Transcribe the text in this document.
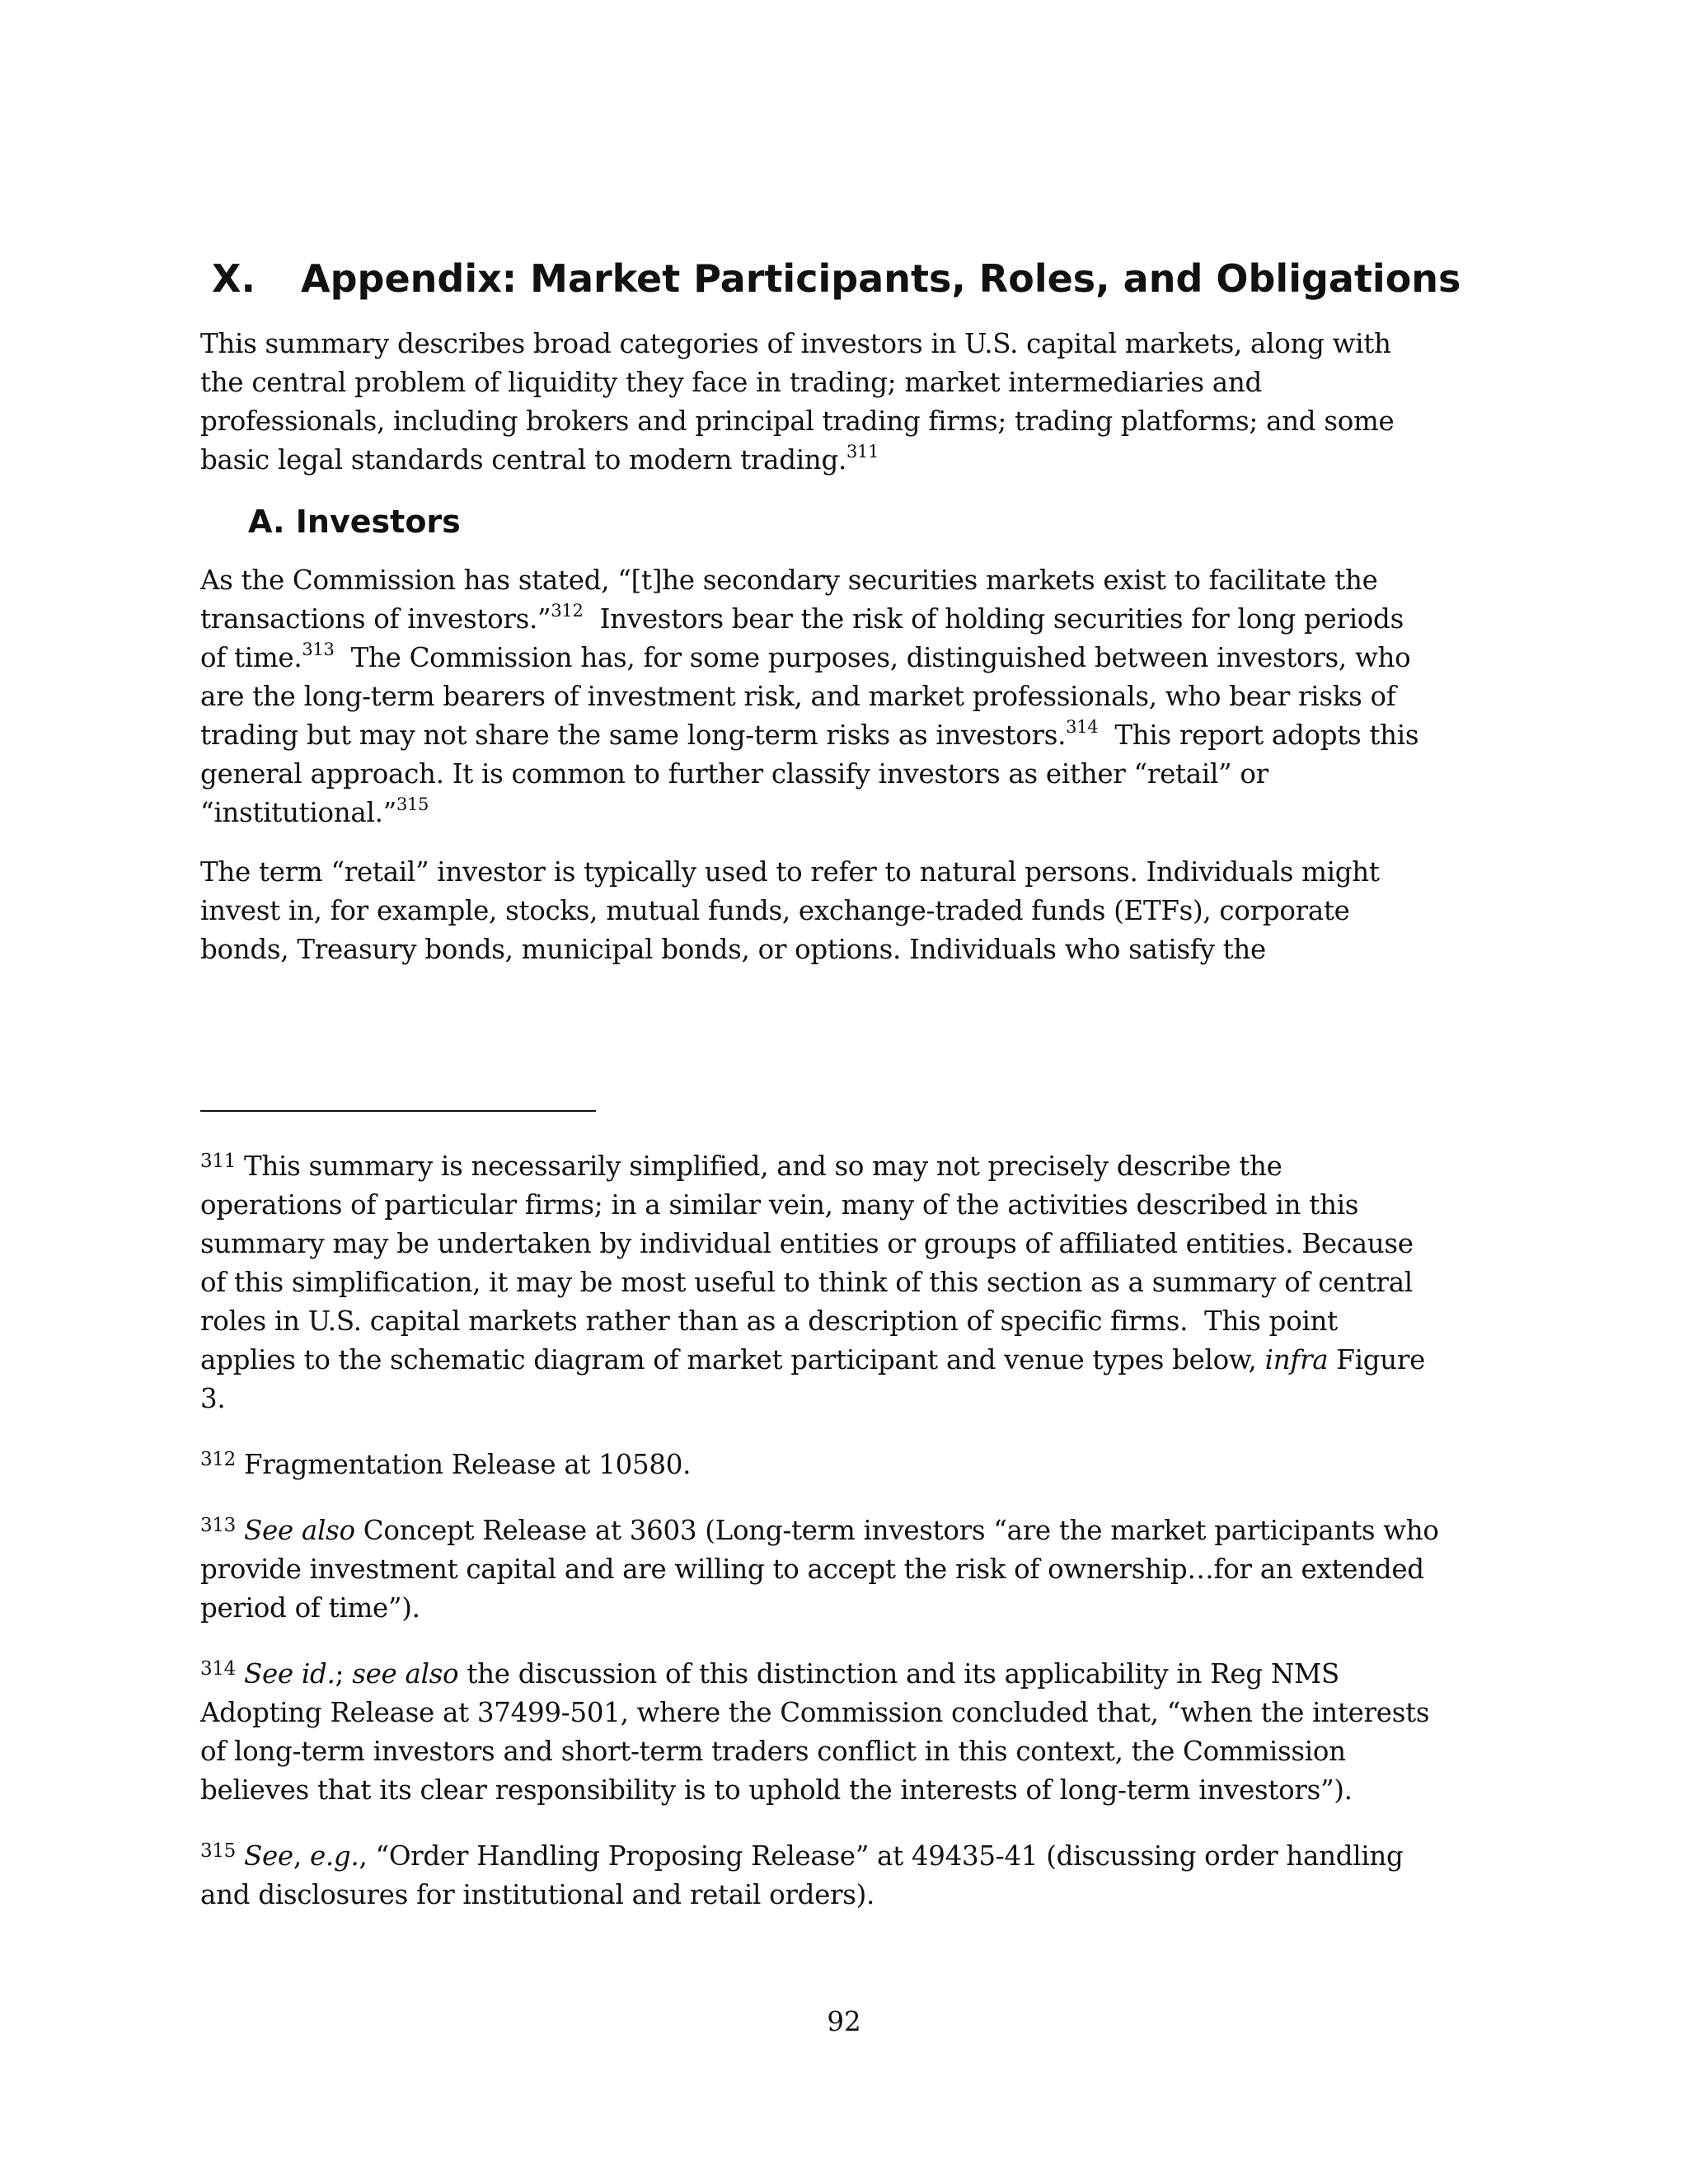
X. Appendix: Market Participants, Roles, and Obligations

This summary describes broad categories of investors in U.S. capital markets, along with
the central problem of liquidity they face in trading; market intermediaries and
professionals, including brokers and principal trading firms; trading platforms; and some
basic legal standards central to modern trading.$^{311}$

A. Investors

As the Commission has stated, “[t]he secondary securities markets exist to facilitate the
transactions of investors.”$^{312}$  Investors bear the risk of holding securities for long periods
of time.$^{313}$  The Commission has, for some purposes, distinguished between investors, who
are the long-term bearers of investment risk, and market professionals, who bear risks of
trading but may not share the same long-term risks as investors.$^{314}$  This report adopts this
general approach. It is common to further classify investors as either “retail” or
“institutional.”$^{315}$

The term “retail” investor is typically used to refer to natural persons. Individuals might
invest in, for example, stocks, mutual funds, exchange-traded funds (ETFs), corporate
bonds, Treasury bonds, municipal bonds, or options. Individuals who satisfy the

$^{311}$ This summary is necessarily simplified, and so may not precisely describe the
operations of particular firms; in a similar vein, many of the activities described in this
summary may be undertaken by individual entities or groups of affiliated entities. Because
of this simplification, it may be most useful to think of this section as a summary of central
roles in U.S. capital markets rather than as a description of specific firms.  This point
applies to the schematic diagram of market participant and venue types below, infra Figure
3.

$^{312}$ Fragmentation Release at 10580.

$^{313}$ See also Concept Release at 3603 (Long-term investors “are the market participants who
provide investment capital and are willing to accept the risk of ownership…for an extended
period of time”).

$^{314}$ See id.; see also the discussion of this distinction and its applicability in Reg NMS
Adopting Release at 37499-501, where the Commission concluded that, “when the interests
of long-term investors and short-term traders conflict in this context, the Commission
believes that its clear responsibility is to uphold the interests of long-term investors”).

$^{315}$ See, e.g., “Order Handling Proposing Release” at 49435-41 (discussing order handling
and disclosures for institutional and retail orders).

92
